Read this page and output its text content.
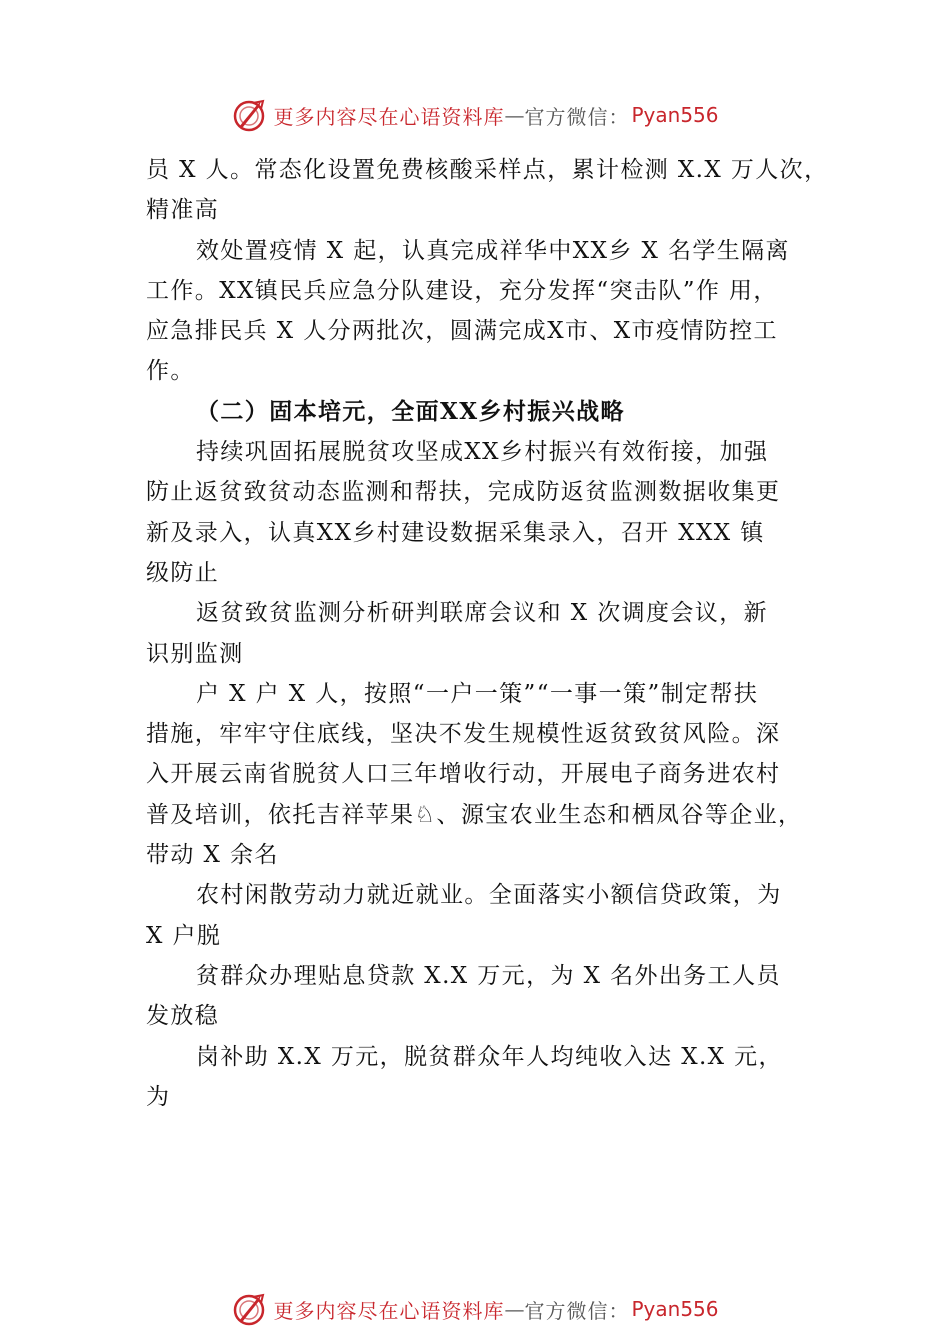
更多内容尽在心语资料库 — 官方微信： Pyan556
员 X 人。常态化设置免费核酸采样点，累计检测 X.X 万人次，
精准高
效处置疫情 X 起，认真完成祥华中XX乡 X 名学生隔离
工作。XX镇民兵应急分队建设，充分发挥“突击队”作 用，
应急排民兵 X 人分两批次，圆满完成X市、X市疫情防控工
作。
（二）固本培元，全面XX乡村振兴战略
持续巩固拓展脱贫攻坚成XX乡村振兴有效衔接，加强
防止返贫致贫动态监测和帮扶，完成防返贫监测数据收集更
新及录入，认真XX乡村建设数据采集录入，召开 XXX 镇
级防止
返贫致贫监测分析研判联席会议和 X 次调度会议，新
识别监测
户 X 户 X 人，按照“一户一策”“一事一策”制定帮扶
措施，牢牢守住底线，坚决不发生规模性返贫致贫风险。深
入开展云南省脱贫人口三年增收行动，开展电子商务进农村
普及培训，依托吉祥苹果♘、源宝农业生态和栖凤谷等企业，
带动 X 余名
农村闲散劳动力就近就业。全面落实小额信贷政策，为
X 户脱
贫群众办理贴息贷款 X.X 万元，为 X 名外出务工人员
发放稳
岗补助 X.X 万元，脱贫群众年人均纯收入达 X.X 元，
为
更多内容尽在心语资料库 — 官方微信： Pyan556
